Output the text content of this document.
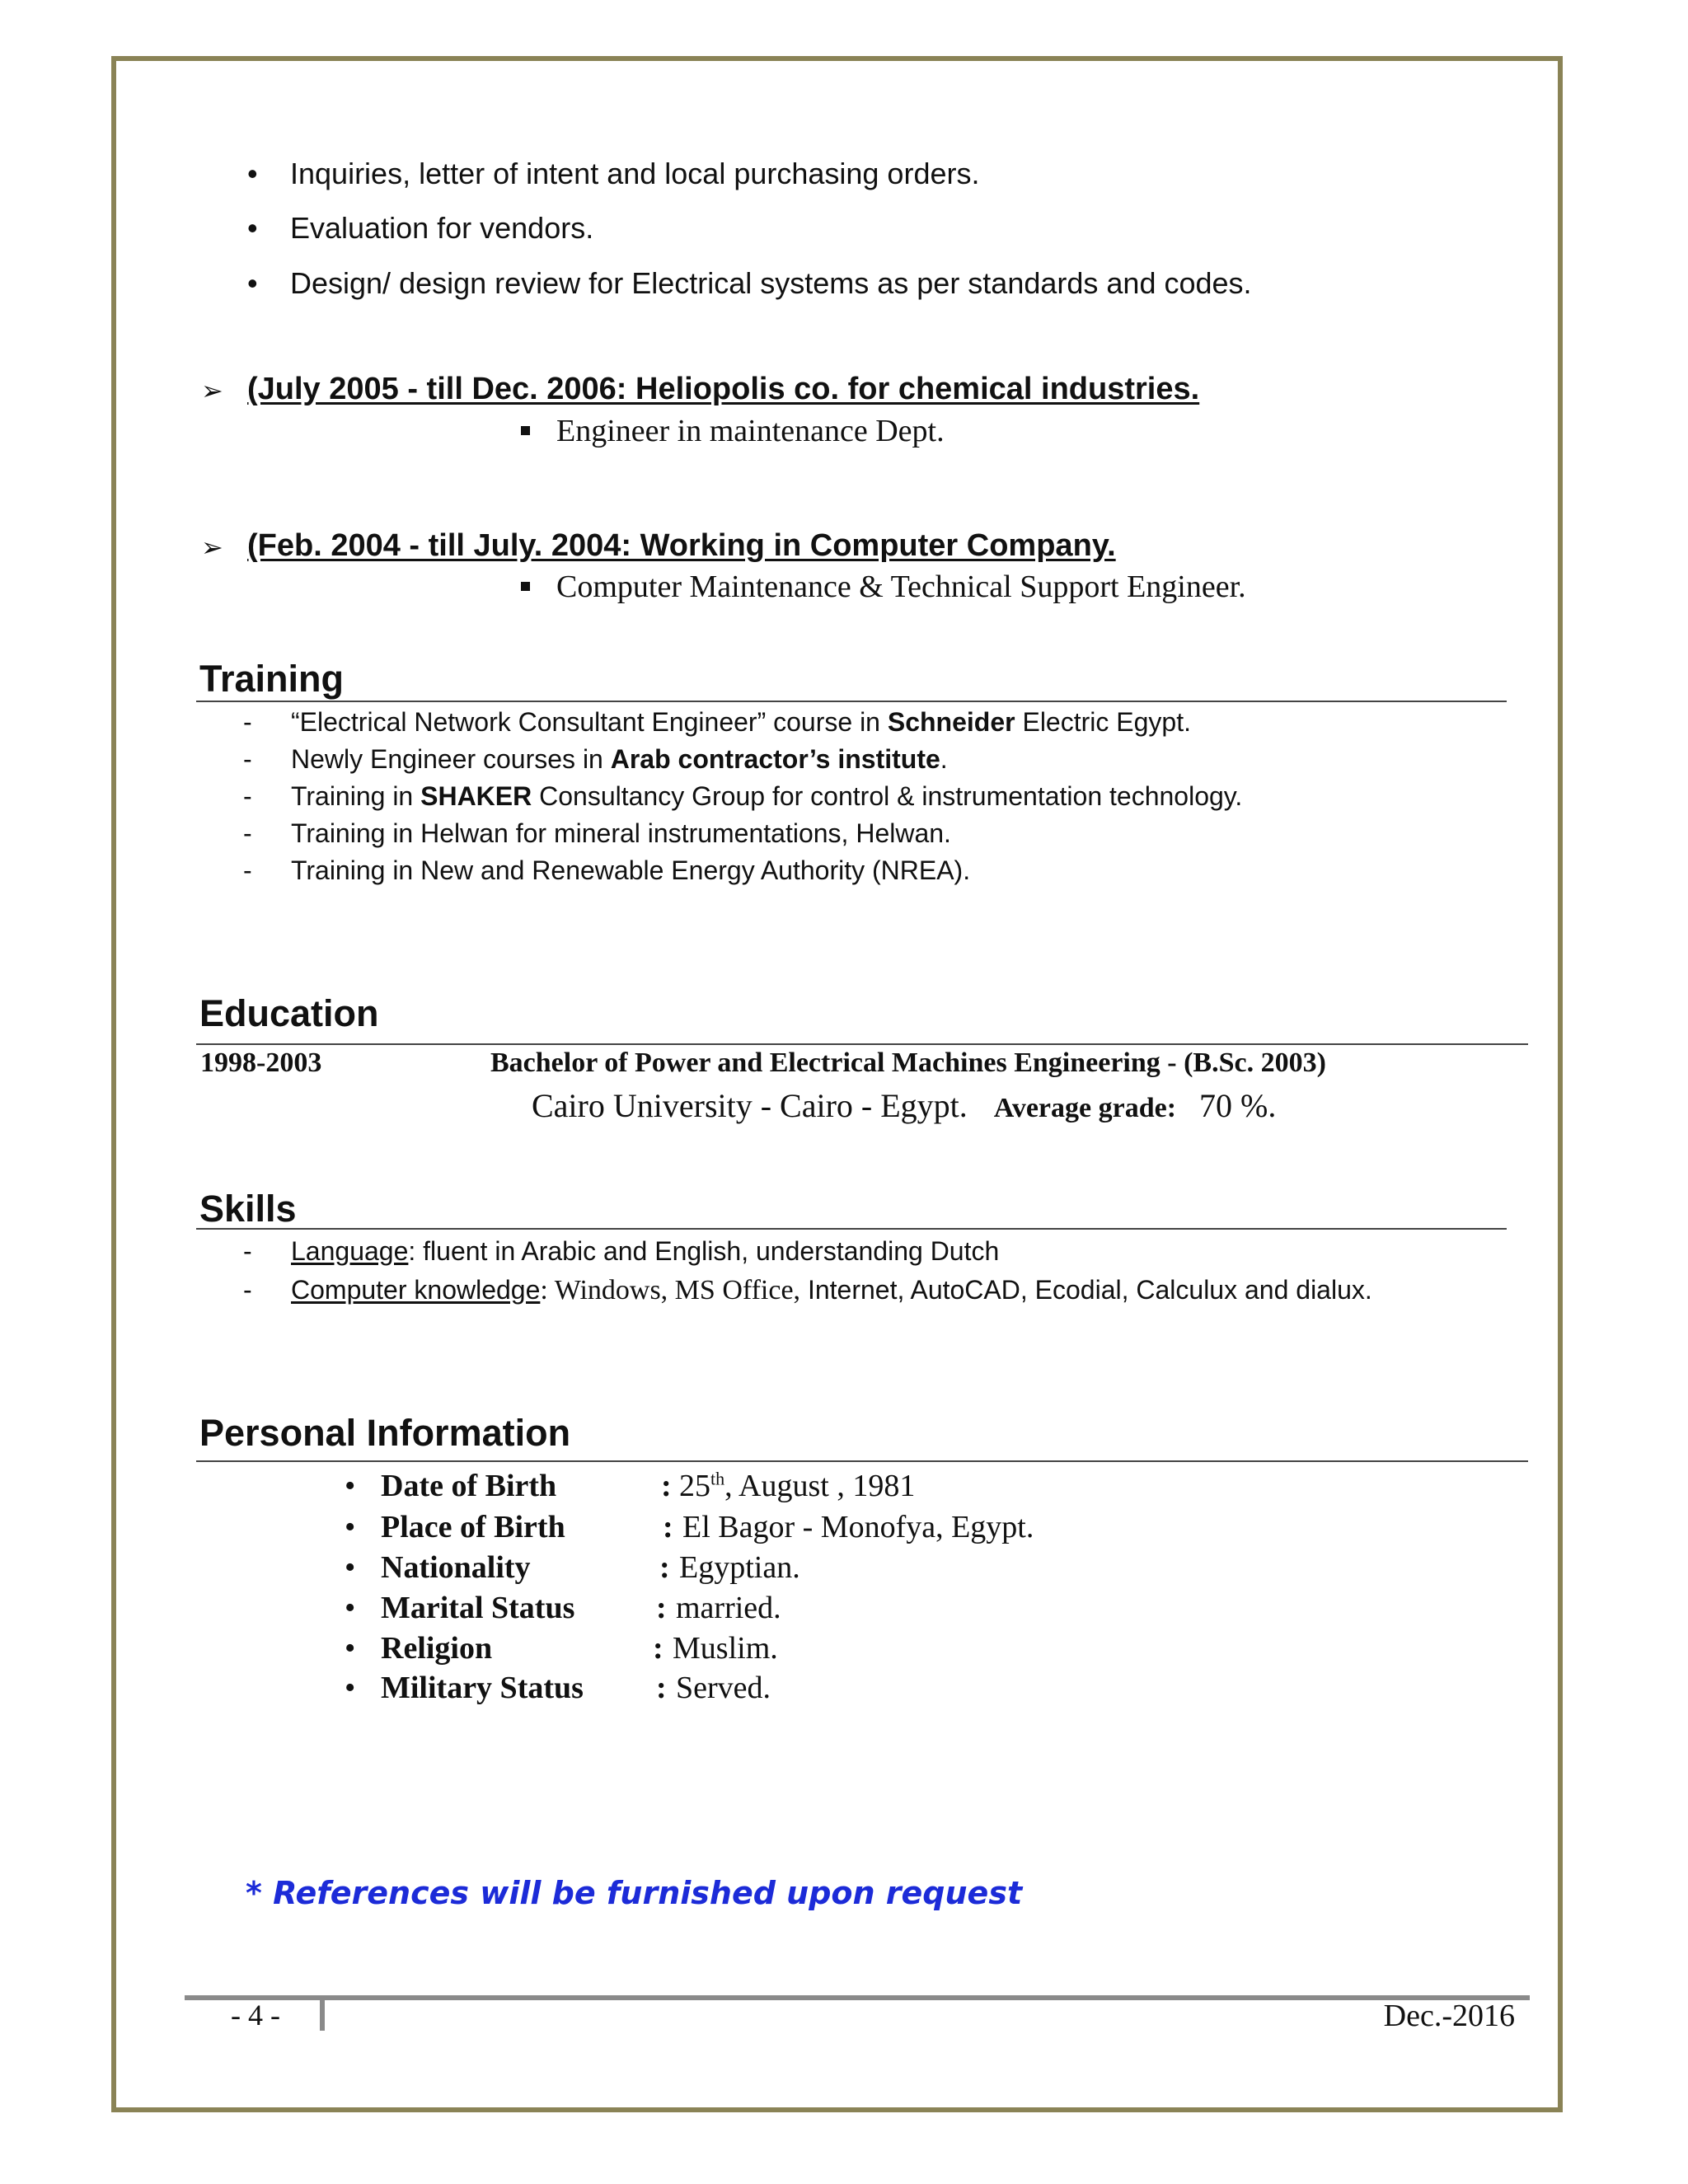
• Inquiries, letter of intent and local purchasing orders.
• Evaluation for vendors.
• Design/ design review for Electrical systems as per standards and codes.
➢ (July 2005 - till Dec. 2006: Heliopolis co. for chemical industries.
Engineer in maintenance Dept.
➢ (Feb. 2004 - till July. 2004: Working in Computer Company.
Computer Maintenance & Technical Support Engineer.
Training
- “Electrical Network Consultant Engineer” course in Schneider Electric Egypt.
- Newly Engineer courses in Arab contractor’s institute.
- Training in SHAKER Consultancy Group for control & instrumentation technology.
- Training in Helwan for mineral instrumentations, Helwan.
- Training in New and Renewable Energy Authority (NREA).
Education
1998-2003	Bachelor of Power and Electrical Machines Engineering - (B.Sc. 2003)
Cairo University - Cairo - Egypt. Average grade: 70 %.
Skills
- Language: fluent in Arabic and English, understanding Dutch
- Computer knowledge: Windows, MS Office, Internet, AutoCAD, Ecodial, Calculux and dialux.
Personal Information
• Date of Birth	: 25th, August , 1981
• Place of Birth	: El Bagor - Monofya, Egypt.
• Nationality	: Egyptian.
• Marital Status	: married.
• Religion	: Muslim.
• Military Status : Served.
* References will be furnished upon request
- 4 -	Dec.-2016
